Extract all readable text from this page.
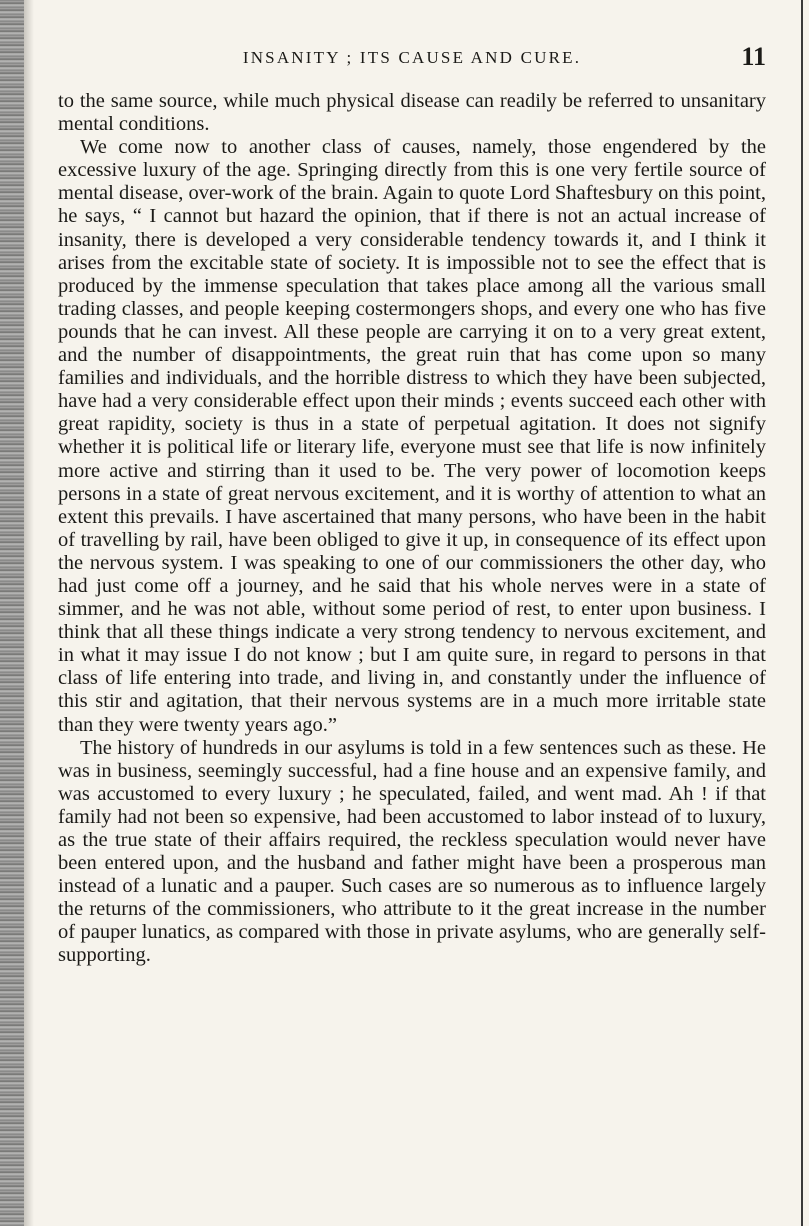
INSANITY ; ITS CAUSE AND CURE.	11

to the same source, while much physical disease can readily be referred to unsanitary mental conditions.

We come now to another class of causes, namely, those engendered by the excessive luxury of the age. Springing directly from this is one very fertile source of mental disease, over-work of the brain. Again to quote Lord Shaftesbury on this point, he says, “ I cannot but hazard the opinion, that if there is not an actual increase of insanity, there is developed a very considerable tendency towards it, and I think it arises from the excitable state of society. It is impossible not to see the effect that is produced by the immense speculation that takes place among all the various small trading classes, and people keeping costermongers shops, and every one who has five pounds that he can invest. All these people are carrying it on to a very great extent, and the number of disappointments, the great ruin that has come upon so many families and individuals, and the horrible distress to which they have been subjected, have had a very considerable effect upon their minds ; events succeed each other with great rapidity, society is thus in a state of perpetual agitation. It does not signify whether it is political life or literary life, everyone must see that life is now infinitely more active and stirring than it used to be. The very power of locomotion keeps persons in a state of great nervous excitement, and it is worthy of attention to what an extent this prevails. I have ascertained that many persons, who have been in the habit of travelling by rail, have been obliged to give it up, in consequence of its effect upon the nervous system. I was speaking to one of our commissioners the other day, who had just come off a journey, and he said that his whole nerves were in a state of simmer, and he was not able, without some period of rest, to enter upon business. I think that all these things indicate a very strong tendency to nervous excitement, and in what it may issue I do not know ; but I am quite sure, in regard to persons in that class of life entering into trade, and living in, and constantly under the influence of this stir and agitation, that their nervous systems are in a much more irritable state than they were twenty years ago.”

The history of hundreds in our asylums is told in a few sentences such as these. He was in business, seemingly successful, had a fine house and an expensive family, and was accustomed to every luxury ; he speculated, failed, and went mad. Ah ! if that family had not been so expensive, had been accustomed to labor instead of to luxury, as the true state of their affairs required, the reckless speculation would never have been entered upon, and the husband and father might have been a prosperous man instead of a lunatic and a pauper. Such cases are so numerous as to influence largely the returns of the commissioners, who attribute to it the great increase in the number of pauper lunatics, as compared with those in private asylums, who are generally self-supporting.
